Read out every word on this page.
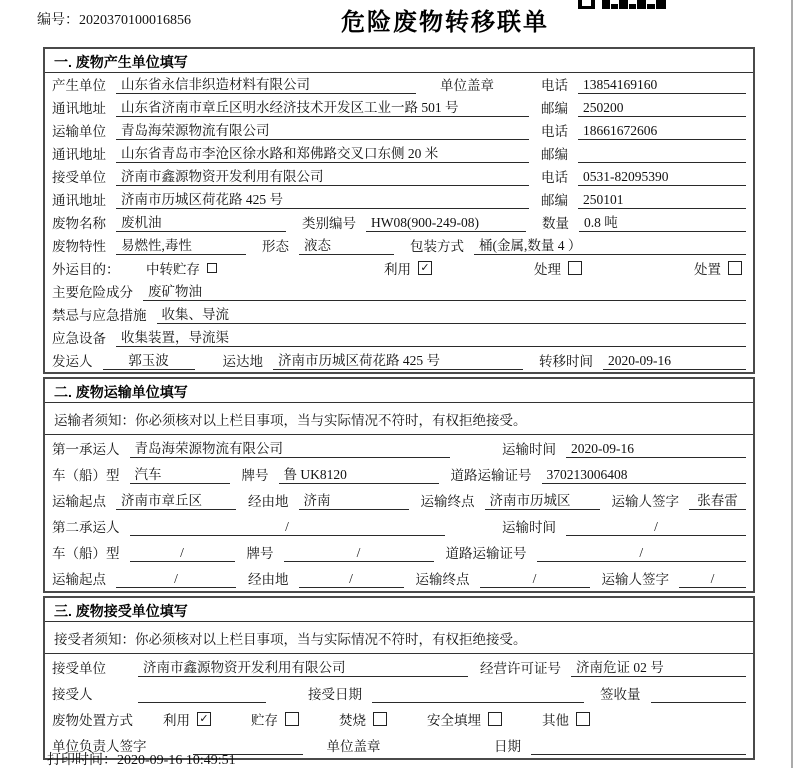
编号：2020370100016856	危险废物转移联单
一. 废物产生单位填写
产生单位	山东省永信非织造材料有限公司	单位盖章	电话	13854169160
通讯地址	山东省济南市章丘区明水经济技术开发区工业一路 501 号	邮编	250200
运输单位	青岛海荣源物流有限公司	电话	18661672606
通讯地址	山东省青岛市李沧区徐水路和郑佛路交叉口东侧 20 米	邮编
接受单位	济南市鑫源物资开发利用有限公司	电话	0531-82095390
通讯地址	济南市历城区荷花路 425 号	邮编	250101
废物名称	废机油	类别编号	HW08(900-249-08)	数量	0.8 吨
废物特性	易燃性,毒性	形态	液态	包装方式	桶(金属,数量 4 ）
外运目的：	中转贮存	利用 ✓	处理	处置
主要危险成分	废矿物油
禁忌与应急措施	收集、导流
应急设备	收集装置，导流渠
发运人	郭玉波	运达地	济南市历城区荷花路 425 号	转移时间	2020-09-16
二. 废物运输单位填写
运输者须知：你必须核对以上栏目事项，当与实际情况不符时，有权拒绝接受。
第一承运人	青岛海荣源物流有限公司	运输时间	2020-09-16
车（船）型	汽车	牌号	鲁 UK8120	道路运输证号	370213006408
运输起点	济南市章丘区	经由地	济南	运输终点	济南市历城区	运输人签字	张春雷
第二承运人	/	运输时间	/
车（船）型	/	牌号	/	道路运输证号	/
运输起点	/	经由地	/	运输终点	/	运输人签字	/
三. 废物接受单位填写
接受者须知：你必须核对以上栏目事项，当与实际情况不符时，有权拒绝接受。
接受单位	济南市鑫源物资开发利用有限公司	经营许可证号	济南危证 02 号
接受人	接受日期	签收量
废物处置方式 利用 ✓	贮存	焚烧	安全填埋	其他
单位负责人签字	单位盖章	日期
打印时间：2020-09-16 10:49:51
